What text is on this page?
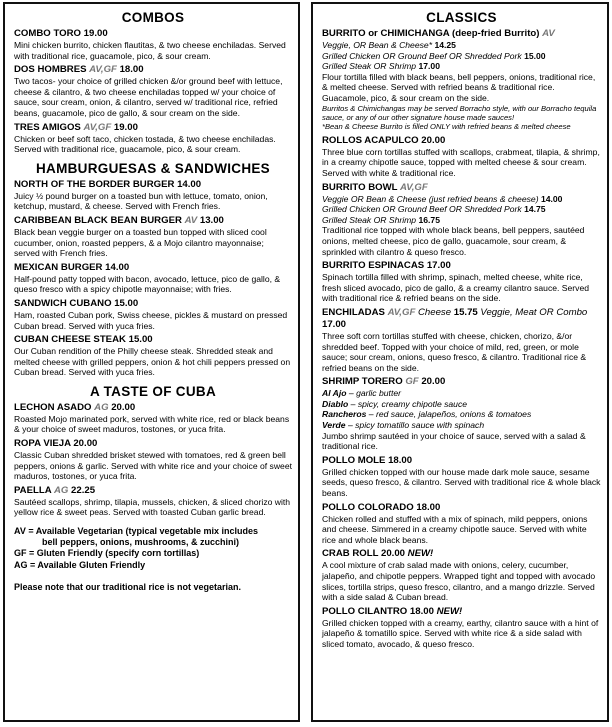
COMBOS
COMBO TORO 19.00
Mini chicken burrito, chicken flautitas, & two cheese enchiladas. Served with traditional rice, guacamole, pico, & sour cream.
DOS HOMBRES AV,GF 18.00
Two tacos- your choice of grilled chicken &/or ground beef with lettuce, cheese & cilantro, & two cheese enchiladas topped w/ your choice of sauce, sour cream, onion, & cilantro, served w/ traditional rice, refried beans, guacamole, pico de gallo, & sour cream on the side.
TRES AMIGOS AV,GF 19.00
Chicken or beef soft taco, chicken tostada, & two cheese enchiladas. Served with traditional rice, guacamole, pico, & sour cream.
HAMBURGUESAS & SANDWICHES
NORTH OF THE BORDER BURGER 14.00
Juicy ½ pound burger on a toasted bun with lettuce, tomato, onion, ketchup, mustard, & cheese. Served with French fries.
CARIBBEAN BLACK BEAN BURGER AV 13.00
Black bean veggie burger on a toasted bun topped with sliced cool cucumber, onion, roasted peppers, & a Mojo cilantro mayonnaise; served with French fries.
MEXICAN BURGER 14.00
Half-pound patty topped with bacon, avocado, lettuce, pico de gallo, & queso fresco with a spicy chipotle mayonnaise; with fries.
SANDWICH CUBANO 15.00
Ham, roasted Cuban pork, Swiss cheese, pickles & mustard on pressed Cuban bread. Served with yuca fries.
CUBAN CHEESE STEAK 15.00
Our Cuban rendition of the Philly cheese steak. Shredded steak and melted cheese with grilled peppers, onion & hot chili peppers pressed on Cuban bread. Served with yuca fries.
A TASTE OF CUBA
LECHON ASADO AG 20.00
Roasted Mojo marinated pork, served with white rice, red or black beans & your choice of sweet maduros, tostones, or yuca frita.
ROPA VIEJA 20.00
Classic Cuban shredded brisket stewed with tomatoes, red & green bell peppers, onions & garlic. Served with white rice and your choice of sweet maduros, tostones, or yuca frita.
PAELLA AG 22.25
Sautéed scallops, shrimp, tilapia, mussels, chicken, & sliced chorizo with yellow rice & sweet peas. Served with toasted Cuban garlic bread.
AV = Available Vegetarian (typical vegetable mix includes
bell peppers, onions, mushrooms, & zucchini)
GF = Gluten Friendly (specify corn tortillas)
AG = Available Gluten Friendly
Please note that our traditional rice is not vegetarian.
CLASSICS
BURRITO or CHIMICHANGA (deep-fried Burrito) AV
Veggie, OR Bean & Cheese* 14.25
Grilled Chicken OR Ground Beef OR Shredded Pork 15.00
Grilled Steak OR Shrimp 17.00
Flour tortilla filled with black beans, bell peppers, onions, traditional rice, & melted cheese. Served with refried beans & traditional rice. Guacamole, pico, & sour cream on the side.
Burritos & Chimichangas may be served Borracho style, with our Borracho tequila sauce, or any of our other signature house made sauces!
*Bean & Cheese Burrito is filled ONLY with refried beans & melted cheese
ROLLOS ACAPULCO 20.00
Three blue corn tortillas stuffed with scallops, crabmeat, tilapia, & shrimp, in a creamy chipotle sauce, topped with melted cheese & sour cream. Served with white & traditional rice.
BURRITO BOWL AV,GF
Veggie OR Bean & Cheese (just refried beans & cheese) 14.00
Grilled Chicken OR Ground Beef OR Shredded Pork 14.75
Grilled Steak OR Shrimp 16.75
Traditional rice topped with whole black beans, bell peppers, sautéed onions, melted cheese, pico de gallo, guacamole, sour cream, & sprinkled with cilantro & queso fresco.
BURRITO ESPINACAS 17.00
Spinach tortilla filled with shrimp, spinach, melted cheese, white rice, fresh sliced avocado, pico de gallo, & a creamy cilantro sauce. Served with traditional rice & refried beans on the side.
ENCHILADAS AV,GF Cheese 15.75 Veggie, Meat OR Combo 17.00
Three soft corn tortillas stuffed with cheese, chicken, chorizo, &/or shredded beef. Topped with your choice of mild, red, green, or mole sauce; sour cream, onions, queso fresco, & cilantro. Traditional rice & refried beans on the side.
SHRIMP TORERO GF 20.00
Al Ajo – garlic butter
Diablo – spicy, creamy chipotle sauce
Rancheros – red sauce, jalapeños, onions & tomatoes
Verde – spicy tomatillo sauce with spinach
Jumbo shrimp sautéed in your choice of sauce, served with a salad & traditional rice.
POLLO MOLE 18.00
Grilled chicken topped with our house made dark mole sauce, sesame seeds, queso fresco, & cilantro. Served with traditional rice & whole black beans.
POLLO COLORADO 18.00
Chicken rolled and stuffed with a mix of spinach, mild peppers, onions and cheese. Simmered in a creamy chipotle sauce. Served with white rice and whole black beans.
CRAB ROLL 20.00 NEW!
A cool mixture of crab salad made with onions, celery, cucumber, jalapeño, and chipotle peppers. Wrapped tight and topped with avocado slices, tortilla strips, queso fresco, cilantro, and a mango drizzle. Served with a side salad & Cuban bread.
POLLO CILANTRO 18.00 NEW!
Grilled chicken topped with a creamy, earthy, cilantro sauce with a hint of jalapeño & tomatillo spice. Served with white rice & a side salad with sliced tomato, avocado, & queso fresco.
